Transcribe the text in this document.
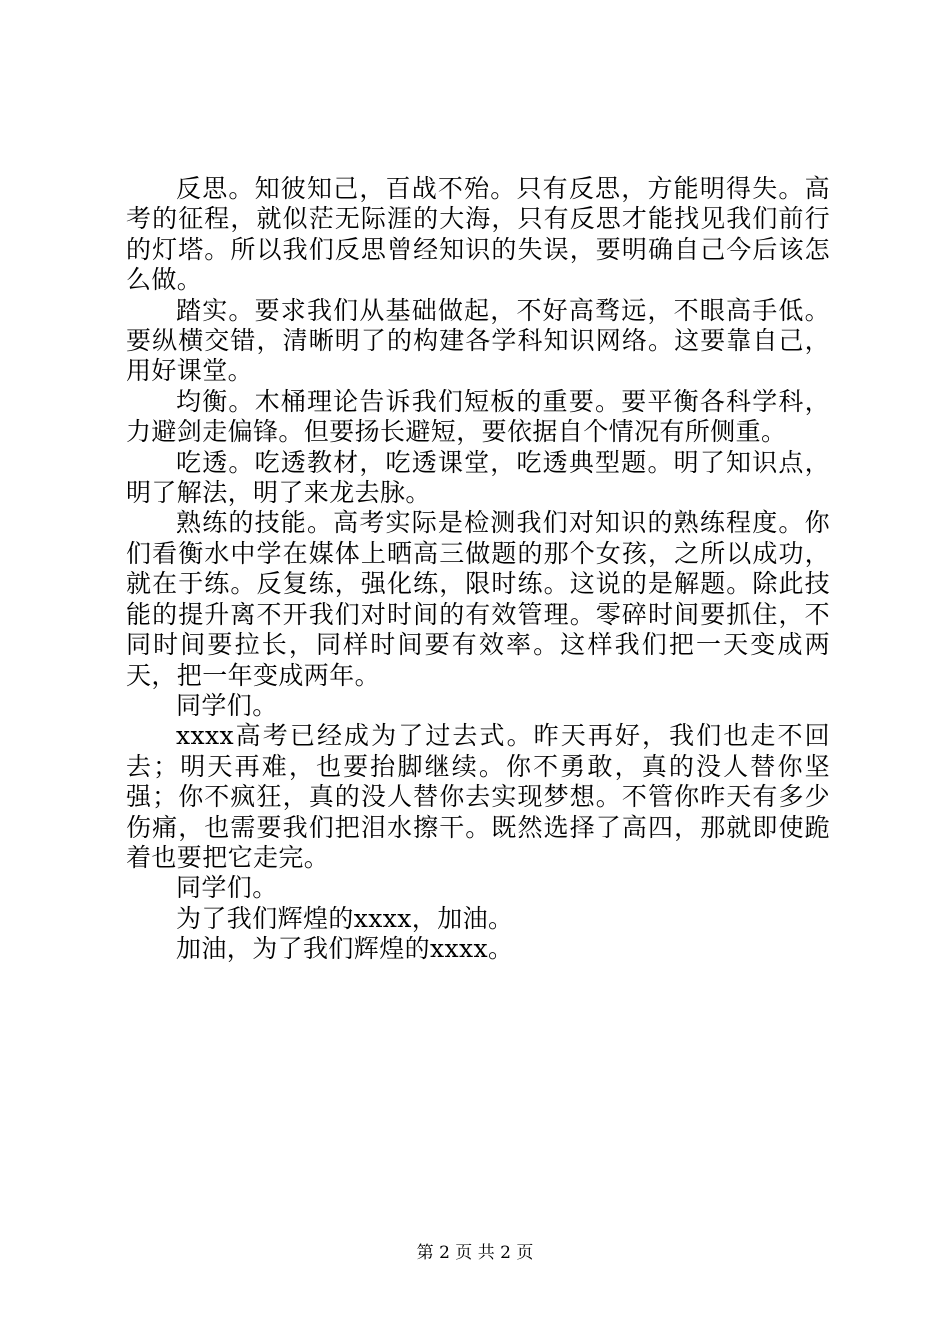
反思。知彼知己，百战不殆。只有反思，方能明得失。高考的征程，就似茫无际涯的大海，只有反思才能找见我们前行的灯塔。所以我们反思曾经知识的失误，要明确自己今后该怎么做。

踏实。要求我们从基础做起，不好高骛远，不眼高手低。要纵横交错，清晰明了的构建各学科知识网络。这要靠自己，用好课堂。

均衡。木桶理论告诉我们短板的重要。要平衡各科学科，力避剑走偏锋。但要扬长避短，要依据自个情况有所侧重。

吃透。吃透教材，吃透课堂，吃透典型题。明了知识点，明了解法，明了来龙去脉。

熟练的技能。高考实际是检测我们对知识的熟练程度。你们看衡水中学在媒体上晒高三做题的那个女孩，之所以成功，就在于练。反复练，强化练，限时练。这说的是解题。除此技能的提升离不开我们对时间的有效管理。零碎时间要抓住，不同时间要拉长，同样时间要有效率。这样我们把一天变成两天，把一年变成两年。

同学们。

xxxx高考已经成为了过去式。昨天再好，我们也走不回去；明天再难，也要抬脚继续。你不勇敢，真的没人替你坚强；你不疯狂，真的没人替你去实现梦想。不管你昨天有多少伤痛，也需要我们把泪水擦干。既然选择了高四，那就即使跪着也要把它走完。

同学们。

为了我们辉煌的xxxx，加油。

加油，为了我们辉煌的xxxx。

第 2 页 共 2 页
